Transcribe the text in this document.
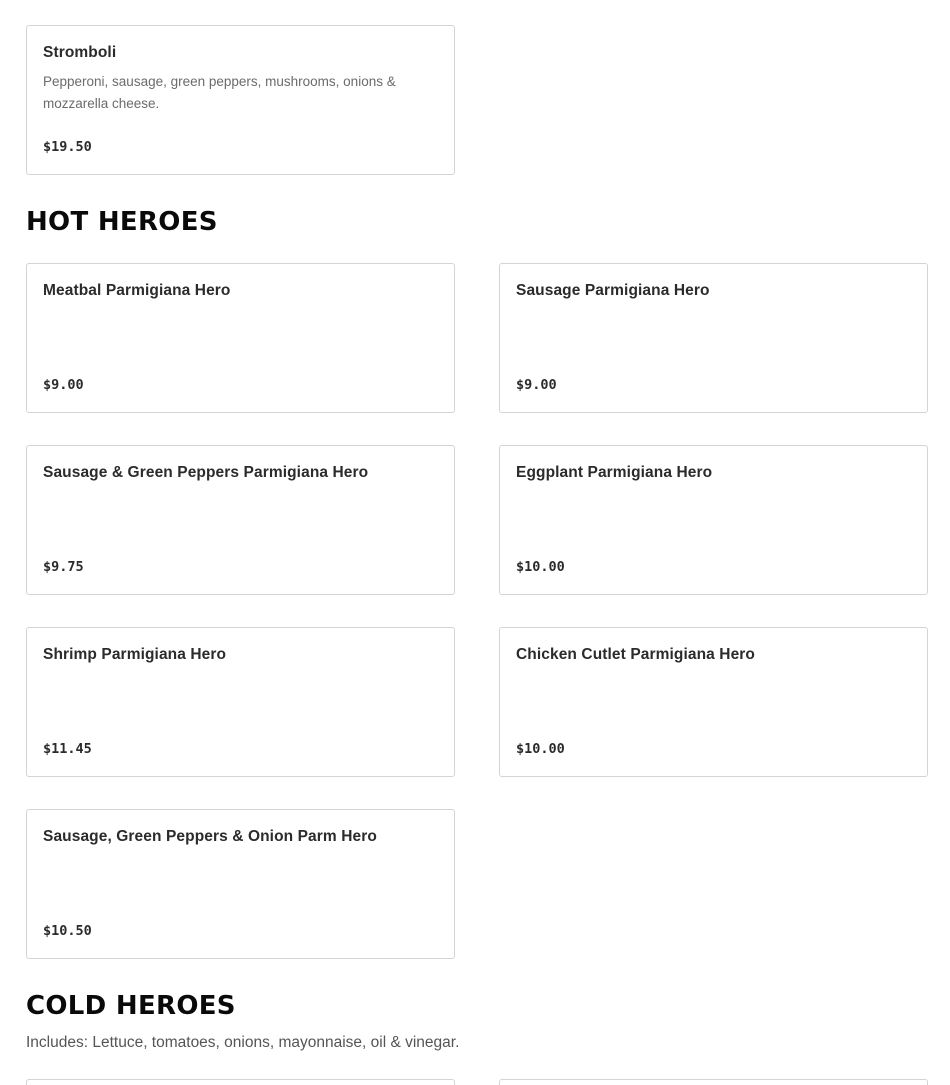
Stromboli
Pepperoni, sausage, green peppers, mushrooms, onions & mozzarella cheese.
$19.50
HOT HEROES
Meatbal Parmigiana Hero
$9.00
Sausage Parmigiana Hero
$9.00
Sausage & Green Peppers Parmigiana Hero
$9.75
Eggplant Parmigiana Hero
$10.00
Shrimp Parmigiana Hero
$11.45
Chicken Cutlet Parmigiana Hero
$10.00
Sausage, Green Peppers & Onion Parm Hero
$10.50
COLD HEROES
Includes: Lettuce, tomatoes, onions, mayonnaise, oil & vinegar.
